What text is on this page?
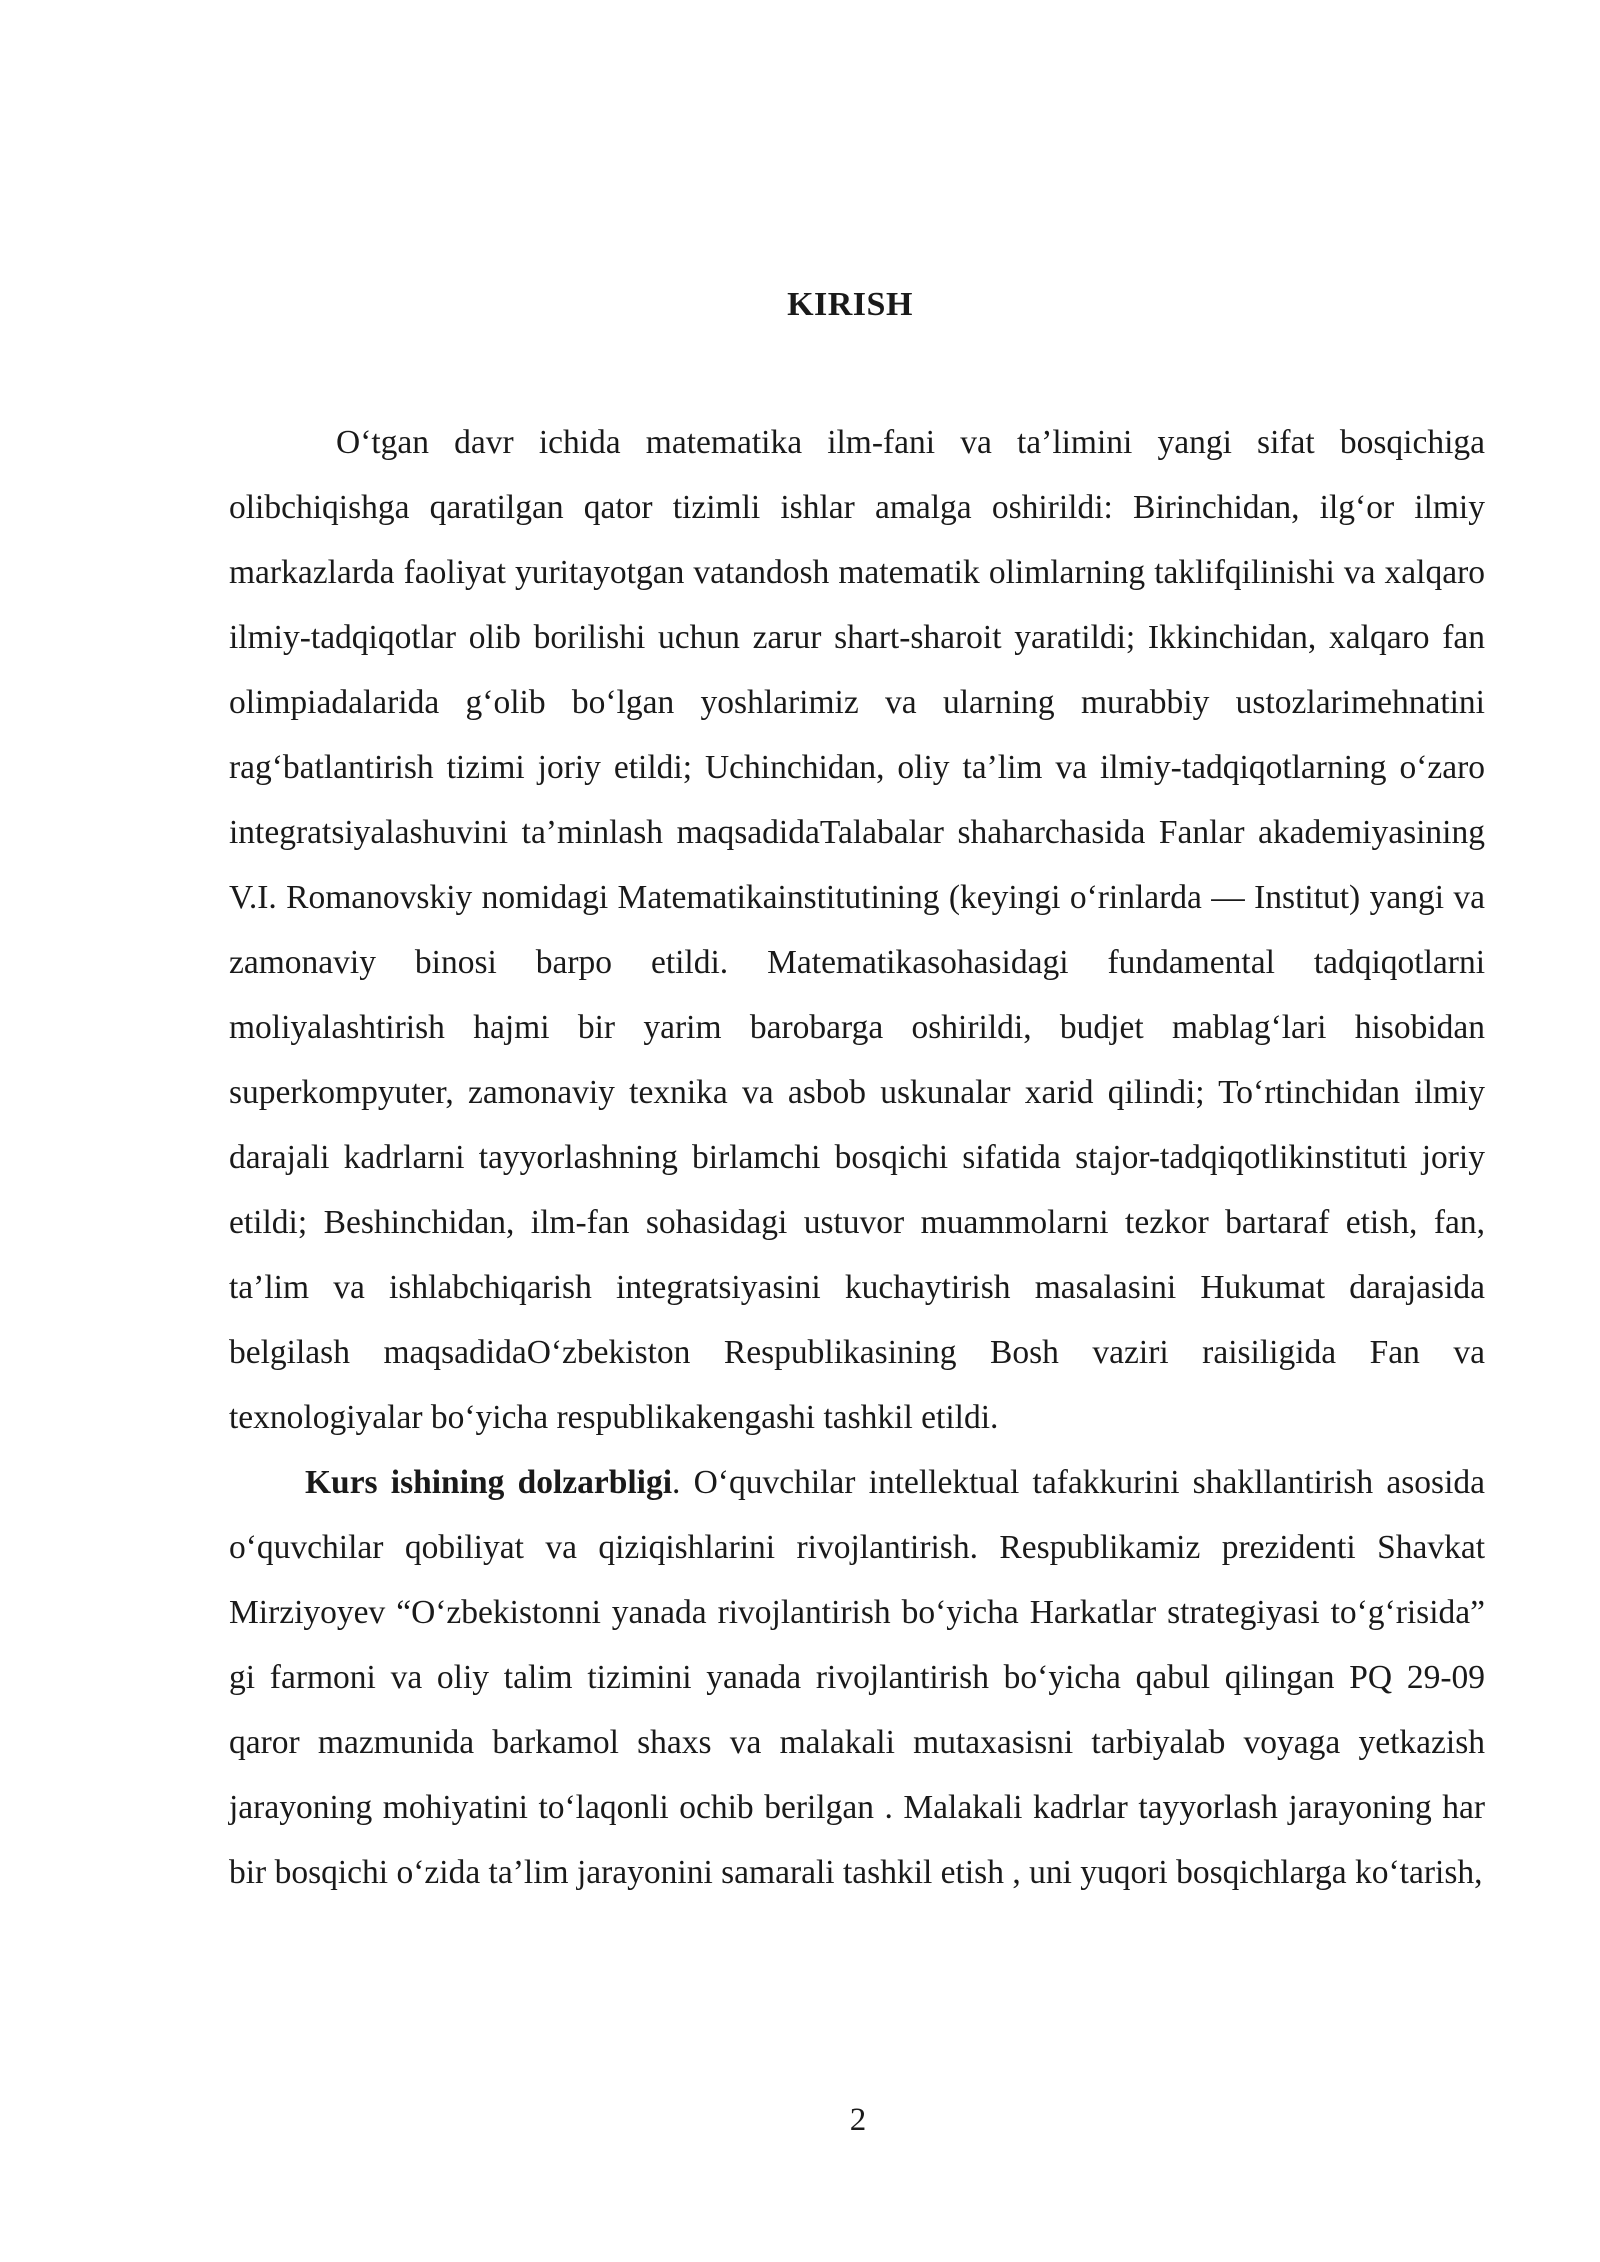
KIRISH

O‘tgan davr ichida matematika ilm-fani va ta’limini yangi sifat bosqichiga olibchiqishga qaratilgan qator tizimli ishlar amalga oshirildi: Birinchidan, ilg‘or ilmiy markazlarda faoliyat yuritayotgan vatandosh matematik olimlarning taklifqilinishi va xalqaro ilmiy-tadqiqotlar olib borilishi uchun zarur shart-sharoit yaratildi; Ikkinchidan, xalqaro fan olimpiadalarida g‘olib bo‘lgan yoshlarimiz va ularning murabbiy ustozlarimehnatini rag‘batlantirish tizimi joriy etildi; Uchinchidan, oliy ta’lim va ilmiy-tadqiqotlarning o‘zaro integratsiyalashuvini ta’minlash maqsadidaTalabalar shaharchasida Fanlar akademiyasining V.I. Romanovskiy nomidagi Matematikainstitutining (keyingi o‘rinlarda — Institut) yangi va zamonaviy binosi barpo etildi. Matematikasohasidagi fundamental tadqiqotlarni moliyalashtirish hajmi bir yarim barobarga oshirildi, budjet mablag‘lari hisobidan superkompyuter, zamonaviy texnika va asbob uskunalar xarid qilindi; To‘rtinchidan ilmiy darajali kadrlarni tayyorlashning birlamchi bosqichi sifatida stajor-tadqiqotlikinstituti joriy etildi; Beshinchidan, ilm-fan sohasidagi ustuvor muammolarni tezkor bartaraf etish, fan, ta’lim va ishlabchiqarish integratsiyasini kuchaytirish masalasini Hukumat darajasida belgilash maqsadidaO‘zbekiston Respublikasining Bosh vaziri raisiligida Fan va texnologiyalar bo‘yicha respublikakengashi tashkil etildi.

Kurs ishining dolzarbligi. O‘quvchilar intellektual tafakkurini shakllantirish asosida o‘quvchilar qobiliyat va qiziqishlarini rivojlantirish. Respublikamiz prezidenti Shavkat Mirziyoyev “O‘zbekistonni yanada rivojlantirish bo‘yicha Harkatlar strategiyasi to‘g‘risida” gi farmoni va oliy talim tizimini yanada rivojlantirish bo‘yicha qabul qilingan PQ 29-09 qaror mazmunida barkamol shaxs va malakali mutaxasisni tarbiyalab voyaga yetkazish jarayoning mohiyatini to‘laqonli ochib berilgan . Malakali kadrlar tayyorlash jarayoning har bir bosqichi o‘zida ta’lim jarayonini samarali tashkil etish , uni yuqori bosqichlarga ko‘tarish,

2
